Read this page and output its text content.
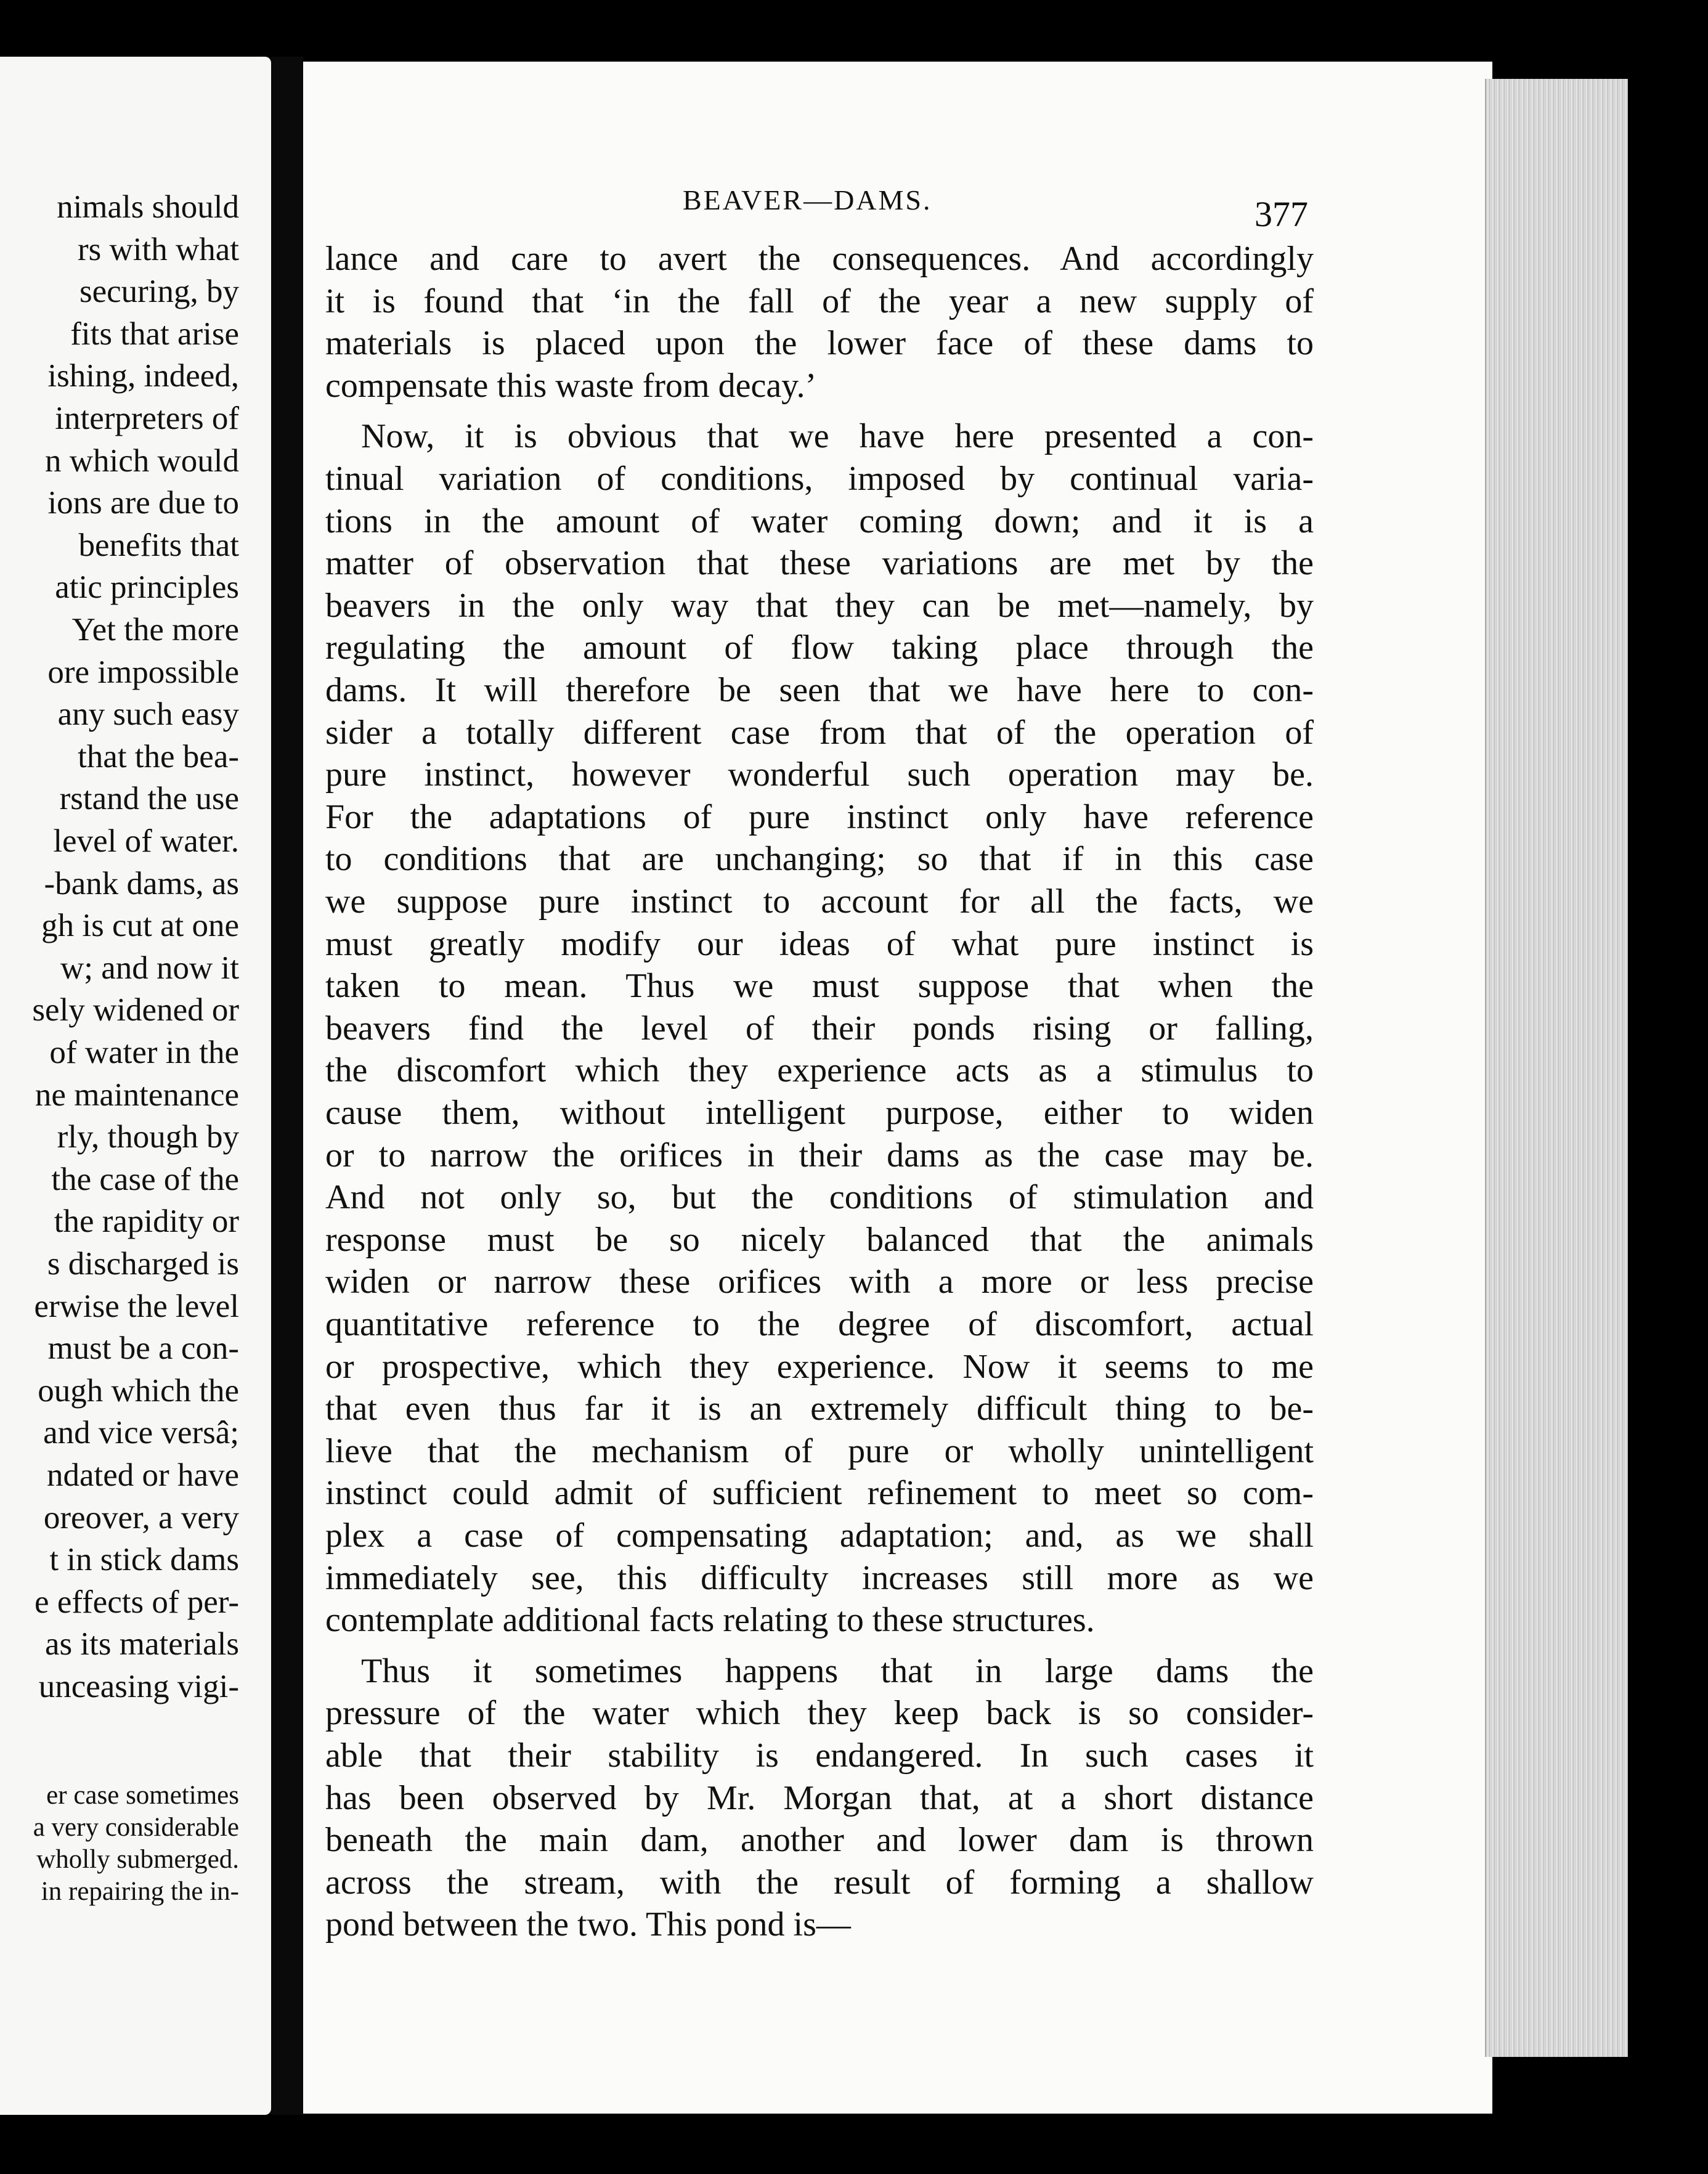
nimals should
rs with what
securing, by
fits that arise
ishing, indeed,
interpreters of
n which would
ions are due to
benefits that
atic principles
Yet the more
ore impossible
any such easy
that the bea-
rstand the use
level of water.
-bank dams, as
gh is cut at one
w; and now it
sely widened or
of water in the
ne maintenance
rly, though by
the case of the
the rapidity or
s discharged is
erwise the level
must be a con-
ough which the
and vice versâ;
ndated or have
oreover, a very
t in stick dams
e effects of per-
as its materials
unceasing vigi-
er case sometimes
a very considerable
wholly submerged.
in repairing the in-
BEAVER—DAMS.	377
lance and care to avert the consequences. And accordingly
it is found that ‘in the fall of the year a new supply of
materials is placed upon the lower face of these dams to
compensate this waste from decay.’
Now, it is obvious that we have here presented a con-
tinual variation of conditions, imposed by continual varia-
tions in the amount of water coming down; and it is a
matter of observation that these variations are met by the
beavers in the only way that they can be met—namely, by
regulating the amount of flow taking place through the
dams. It will therefore be seen that we have here to con-
sider a totally different case from that of the operation of
pure instinct, however wonderful such operation may be.
For the adaptations of pure instinct only have reference
to conditions that are unchanging; so that if in this case
we suppose pure instinct to account for all the facts, we
must greatly modify our ideas of what pure instinct is
taken to mean. Thus we must suppose that when the
beavers find the level of their ponds rising or falling,
the discomfort which they experience acts as a stimulus to
cause them, without intelligent purpose, either to widen
or to narrow the orifices in their dams as the case may be.
And not only so, but the conditions of stimulation and
response must be so nicely balanced that the animals
widen or narrow these orifices with a more or less precise
quantitative reference to the degree of discomfort, actual
or prospective, which they experience. Now it seems to me
that even thus far it is an extremely difficult thing to be-
lieve that the mechanism of pure or wholly unintelligent
instinct could admit of sufficient refinement to meet so com-
plex a case of compensating adaptation; and, as we shall
immediately see, this difficulty increases still more as we
contemplate additional facts relating to these structures.
Thus it sometimes happens that in large dams the
pressure of the water which they keep back is so consider-
able that their stability is endangered. In such cases it
has been observed by Mr. Morgan that, at a short distance
beneath the main dam, another and lower dam is thrown
across the stream, with the result of forming a shallow
pond between the two. This pond is—
